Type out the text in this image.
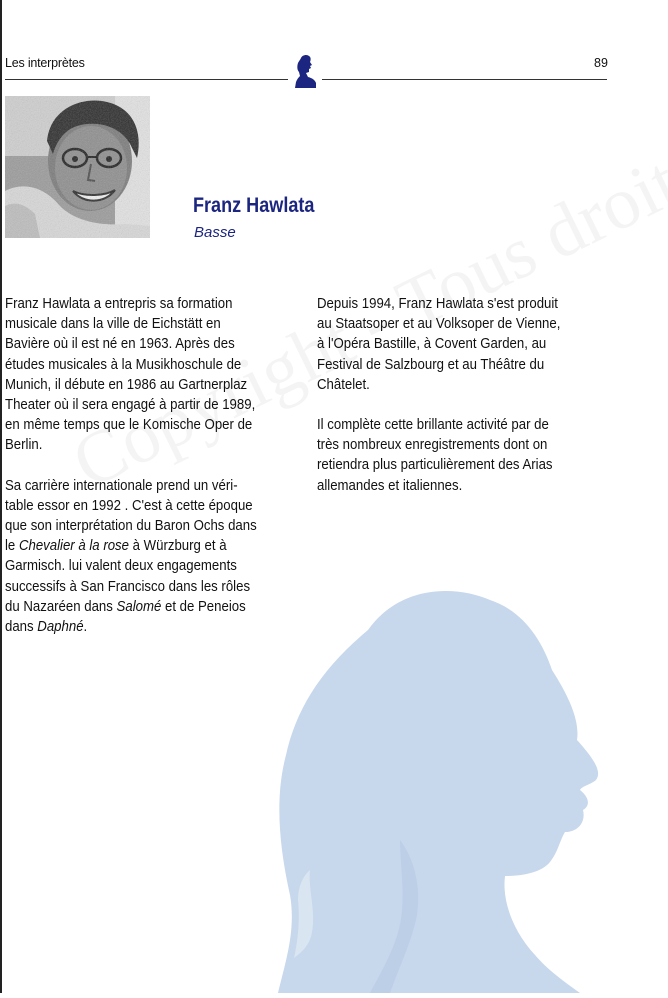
Les interprètes	89
Franz Hawlata
Basse

Franz Hawlata a entrepris sa formation
musicale dans la ville de Eichstätt en
Bavière où il est né en 1963. Après des
études musicales à la Musikhoschule de
Munich, il débute en 1986 au Gartnerplaz
Theater où il sera engagé à partir de 1989,
en même temps que le Komische Oper de
Berlin.

Sa carrière internationale prend un véri-
table essor en 1992 . C'est à cette époque
que son interprétation du Baron Ochs dans
le Chevalier à la rose à Würzburg et à
Garmisch. lui valent deux engagements
successifs à San Francisco dans les rôles
du Nazaréen dans Salomé et de Peneios
dans Daphné.

Depuis 1994, Franz Hawlata s'est produit
au Staatsoper et au Volksoper de Vienne,
à l'Opéra Bastille, à Covent Garden, au
Festival de Salzbourg et au Théâtre du
Châtelet.

Il complète cette brillante activité par de
très nombreux enregistrements dont on
retiendra plus particulièrement des Arias
allemandes et italiennes.
